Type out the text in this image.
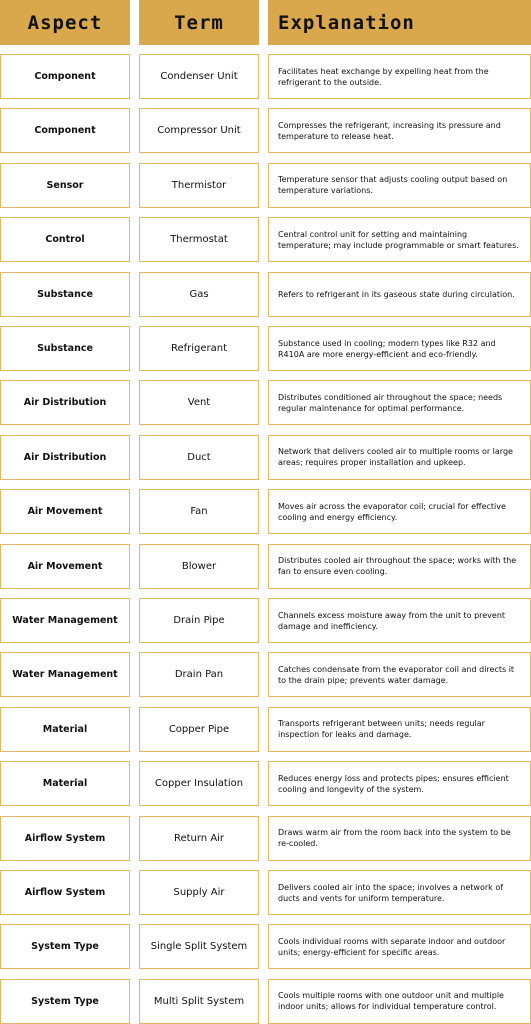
Aspect	Term	Explanation
Component	Condenser Unit	Facilitates heat exchange by expelling heat from the refrigerant to the outside.
Component	Compressor Unit	Compresses the refrigerant, increasing its pressure and temperature to release heat.
Sensor	Thermistor	Temperature sensor that adjusts cooling output based on temperature variations.
Control	Thermostat	Central control unit for setting and maintaining temperature; may include programmable or smart features.
Substance	Gas	Refers to refrigerant in its gaseous state during circulation.
Substance	Refrigerant	Substance used in cooling; modern types like R32 and R410A are more energy-efficient and eco-friendly.
Air Distribution	Vent	Distributes conditioned air throughout the space; needs regular maintenance for optimal performance.
Air Distribution	Duct	Network that delivers cooled air to multiple rooms or large areas; requires proper installation and upkeep.
Air Movement	Fan	Moves air across the evaporator coil; crucial for effective cooling and energy efficiency.
Air Movement	Blower	Distributes cooled air throughout the space; works with the fan to ensure even cooling.
Water Management	Drain Pipe	Channels excess moisture away from the unit to prevent damage and inefficiency.
Water Management	Drain Pan	Catches condensate from the evaporator coil and directs it to the drain pipe; prevents water damage.
Material	Copper Pipe	Transports refrigerant between units; needs regular inspection for leaks and damage.
Material	Copper Insulation	Reduces energy loss and protects pipes; ensures efficient cooling and longevity of the system.
Airflow System	Return Air	Draws warm air from the room back into the system to be re-cooled.
Airflow System	Supply Air	Delivers cooled air into the space; involves a network of ducts and vents for uniform temperature.
System Type	Single Split System	Cools individual rooms with separate indoor and outdoor units; energy-efficient for specific areas.
System Type	Multi Split System	Cools multiple rooms with one outdoor unit and multiple indoor units; allows for individual temperature control.
